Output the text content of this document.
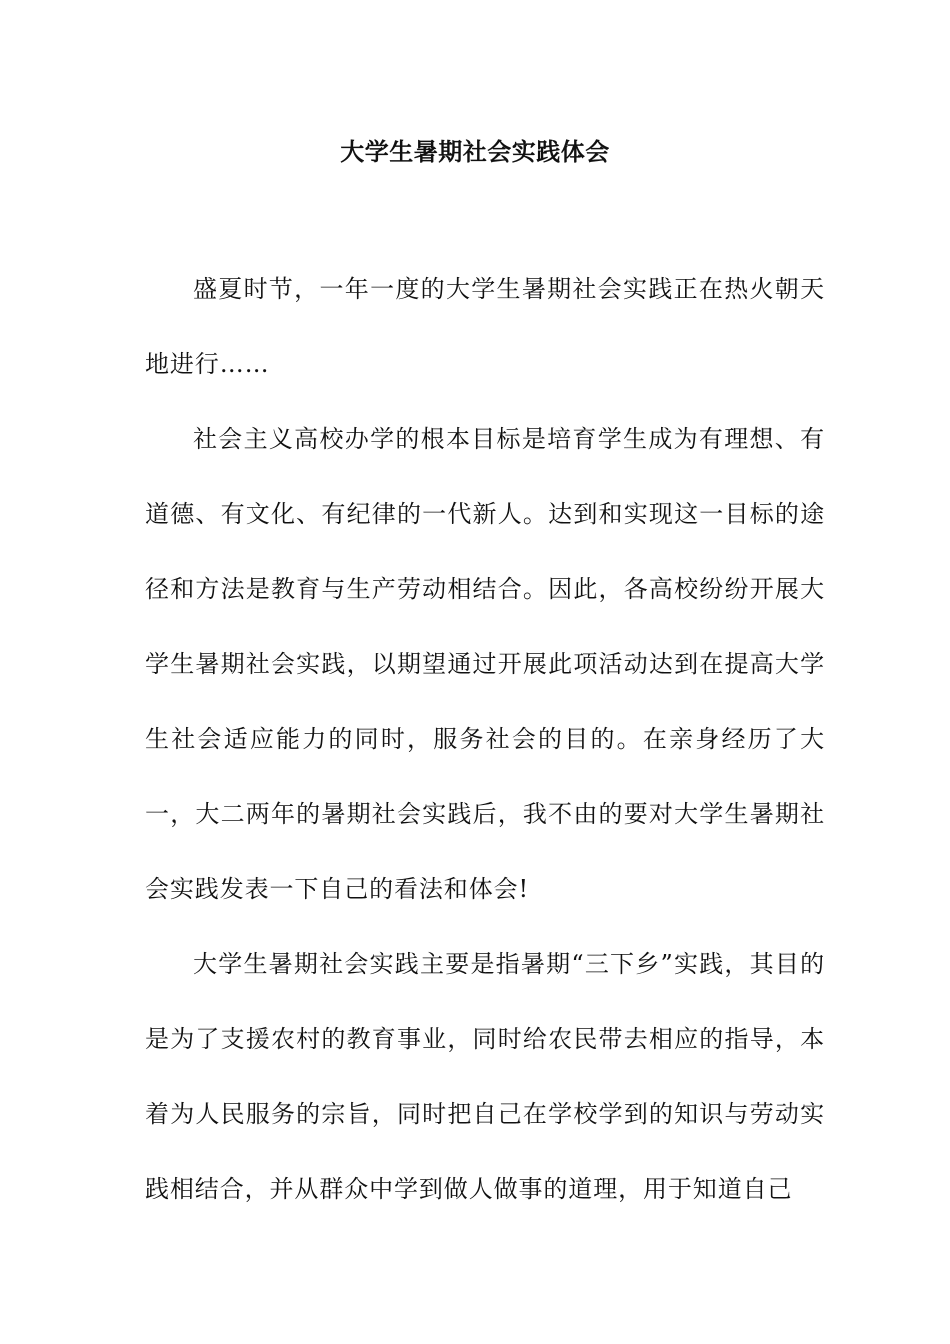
大学生暑期社会实践体会

盛夏时节，一年一度的大学生暑期社会实践正在热火朝天地进行……

社会主义高校办学的根本目标是培育学生成为有理想、有道德、有文化、有纪律的一代新人。达到和实现这一目标的途径和方法是教育与生产劳动相结合。因此，各高校纷纷开展大学生暑期社会实践，以期望通过开展此项活动达到在提高大学生社会适应能力的同时，服务社会的目的。在亲身经历了大一，大二两年的暑期社会实践后，我不由的要对大学生暑期社会实践发表一下自己的看法和体会!

大学生暑期社会实践主要是指暑期“三下乡”实践，其目的是为了支援农村的教育事业，同时给农民带去相应的指导，本着为人民服务的宗旨，同时把自己在学校学到的知识与劳动实践相结合，并从群众中学到做人做事的道理，用于知道自己
